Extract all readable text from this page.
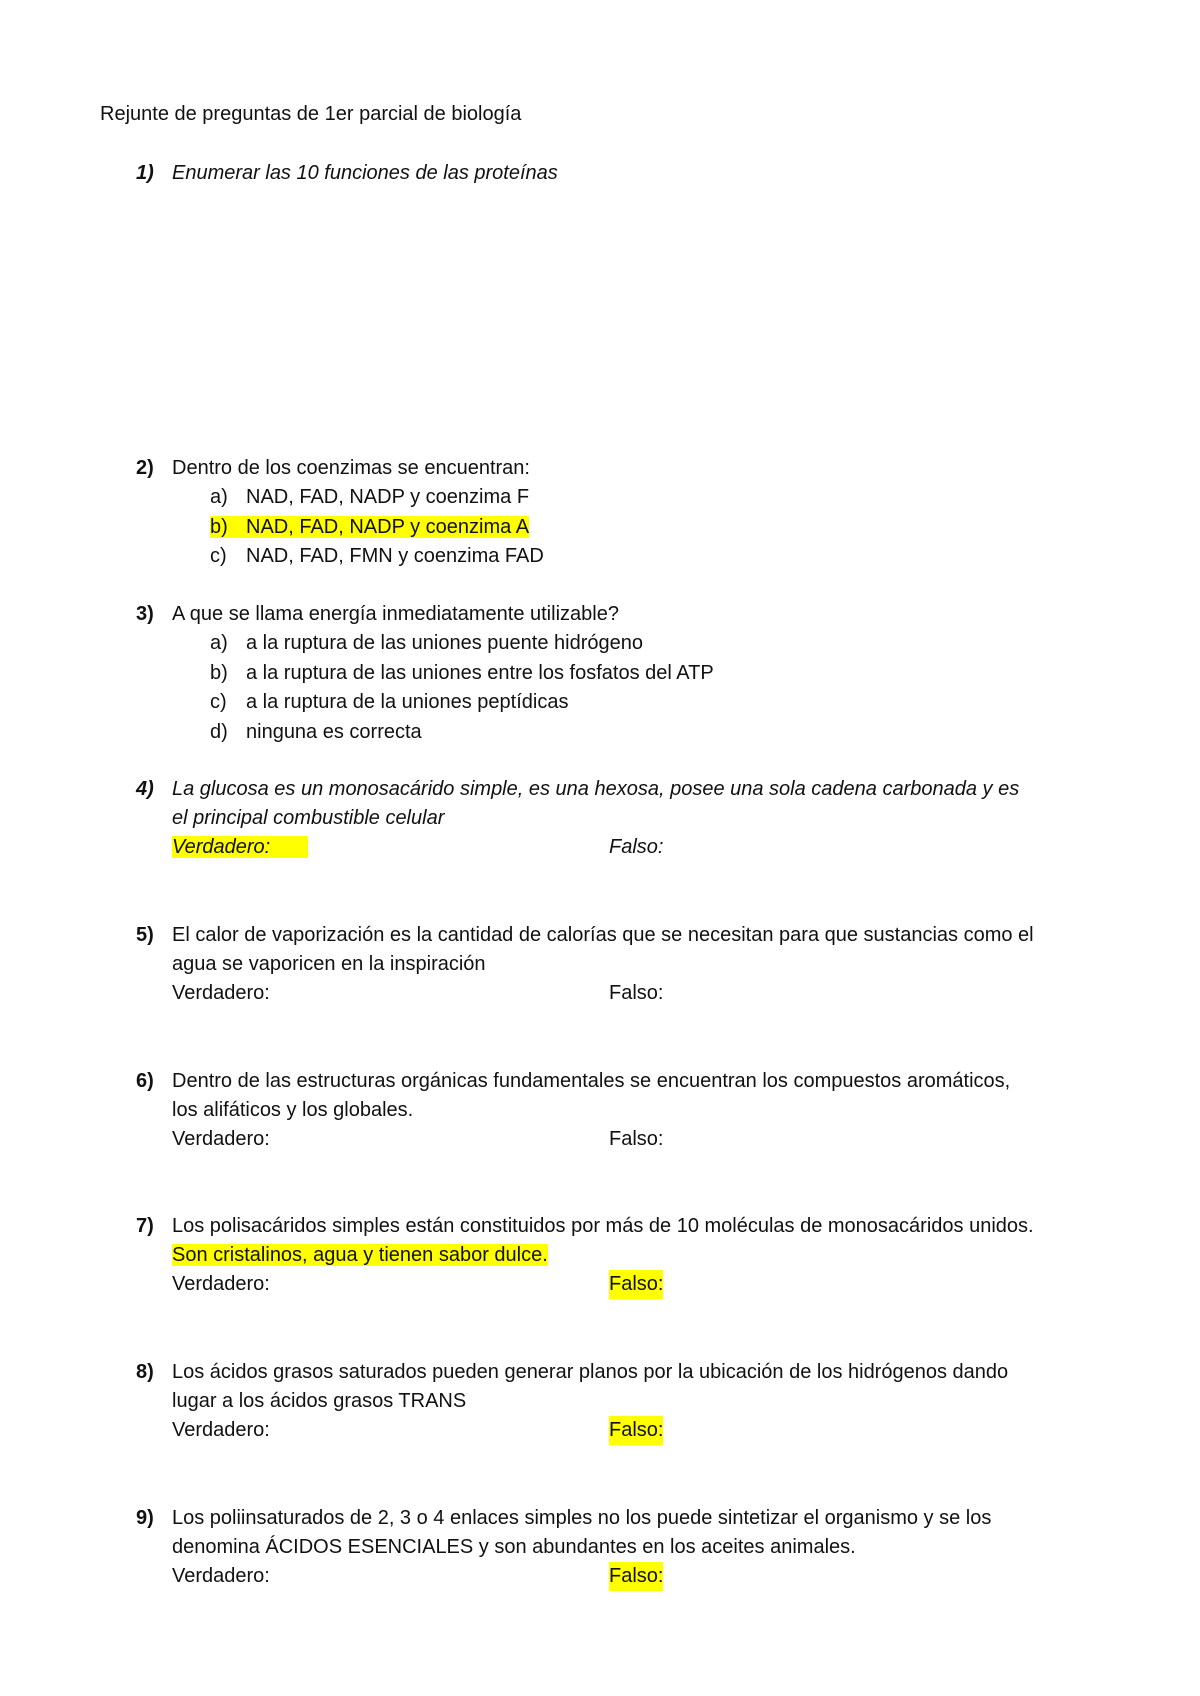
Rejunte de preguntas de 1er parcial de biología
1) Enumerar las 10 funciones de las proteínas
2) Dentro de los coenzimas se encuentran:
a) NAD, FAD, NADP y coenzima F
b) NAD, FAD, NADP y coenzima A
c) NAD, FAD, FMN y coenzima FAD
3) A que se llama energía inmediatamente utilizable?
a) a la ruptura de las uniones puente hidrógeno
b) a la ruptura de las uniones entre los fosfatos del ATP
c) a la ruptura de la uniones peptídicas
d) ninguna es correcta
4) La glucosa es un monosacárido simple, es una hexosa, posee una sola cadena carbonada y es
el principal combustible celular
Verdadero:	Falso:
5) El calor de vaporización es la cantidad de calorías que se necesitan para que sustancias como el
agua se vaporicen en la inspiración
Verdadero:	Falso:
6) Dentro de las estructuras orgánicas fundamentales se encuentran los compuestos aromáticos,
los alifáticos y los globales.
Verdadero:	Falso:
7) Los polisacáridos simples están constituidos por más de 10 moléculas de monosacáridos unidos.
Son cristalinos, agua y tienen sabor dulce.
Verdadero:	Falso:
8) Los ácidos grasos saturados pueden generar planos por la ubicación de los hidrógenos dando
lugar a los ácidos grasos TRANS
Verdadero:	Falso:
9) Los poliinsaturados de 2, 3 o 4 enlaces simples no los puede sintetizar el organismo y se los
denomina ÁCIDOS ESENCIALES y son abundantes en los aceites animales.
Verdadero:	Falso:
